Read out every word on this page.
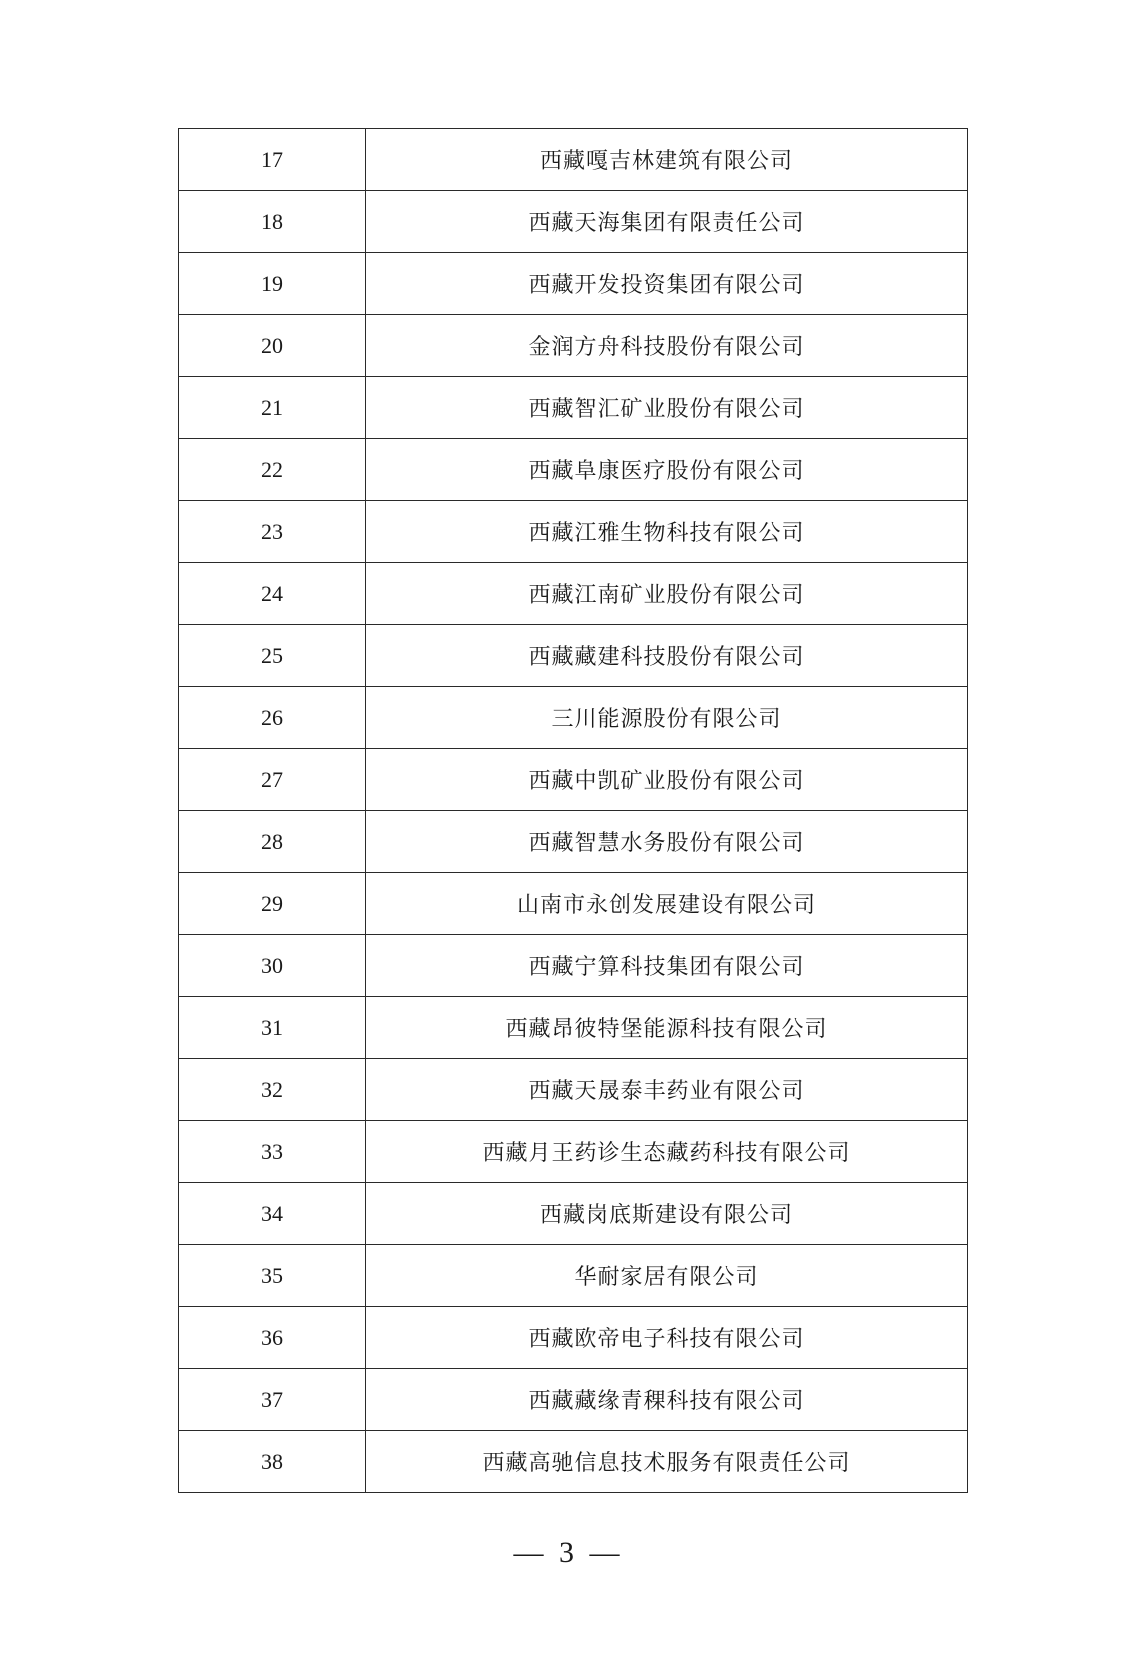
17	西藏嘎吉林建筑有限公司
18	西藏天海集团有限责任公司
19	西藏开发投资集团有限公司
20	金润方舟科技股份有限公司
21	西藏智汇矿业股份有限公司
22	西藏阜康医疗股份有限公司
23	西藏江雅生物科技有限公司
24	西藏江南矿业股份有限公司
25	西藏藏建科技股份有限公司
26	三川能源股份有限公司
27	西藏中凯矿业股份有限公司
28	西藏智慧水务股份有限公司
29	山南市永创发展建设有限公司
30	西藏宁算科技集团有限公司
31	西藏昂彼特堡能源科技有限公司
32	西藏天晟泰丰药业有限公司
33	西藏月王药诊生态藏药科技有限公司
34	西藏岗底斯建设有限公司
35	华耐家居有限公司
36	西藏欧帝电子科技有限公司
37	西藏藏缘青稞科技有限公司
38	西藏高驰信息技术服务有限责任公司
— 3 —
